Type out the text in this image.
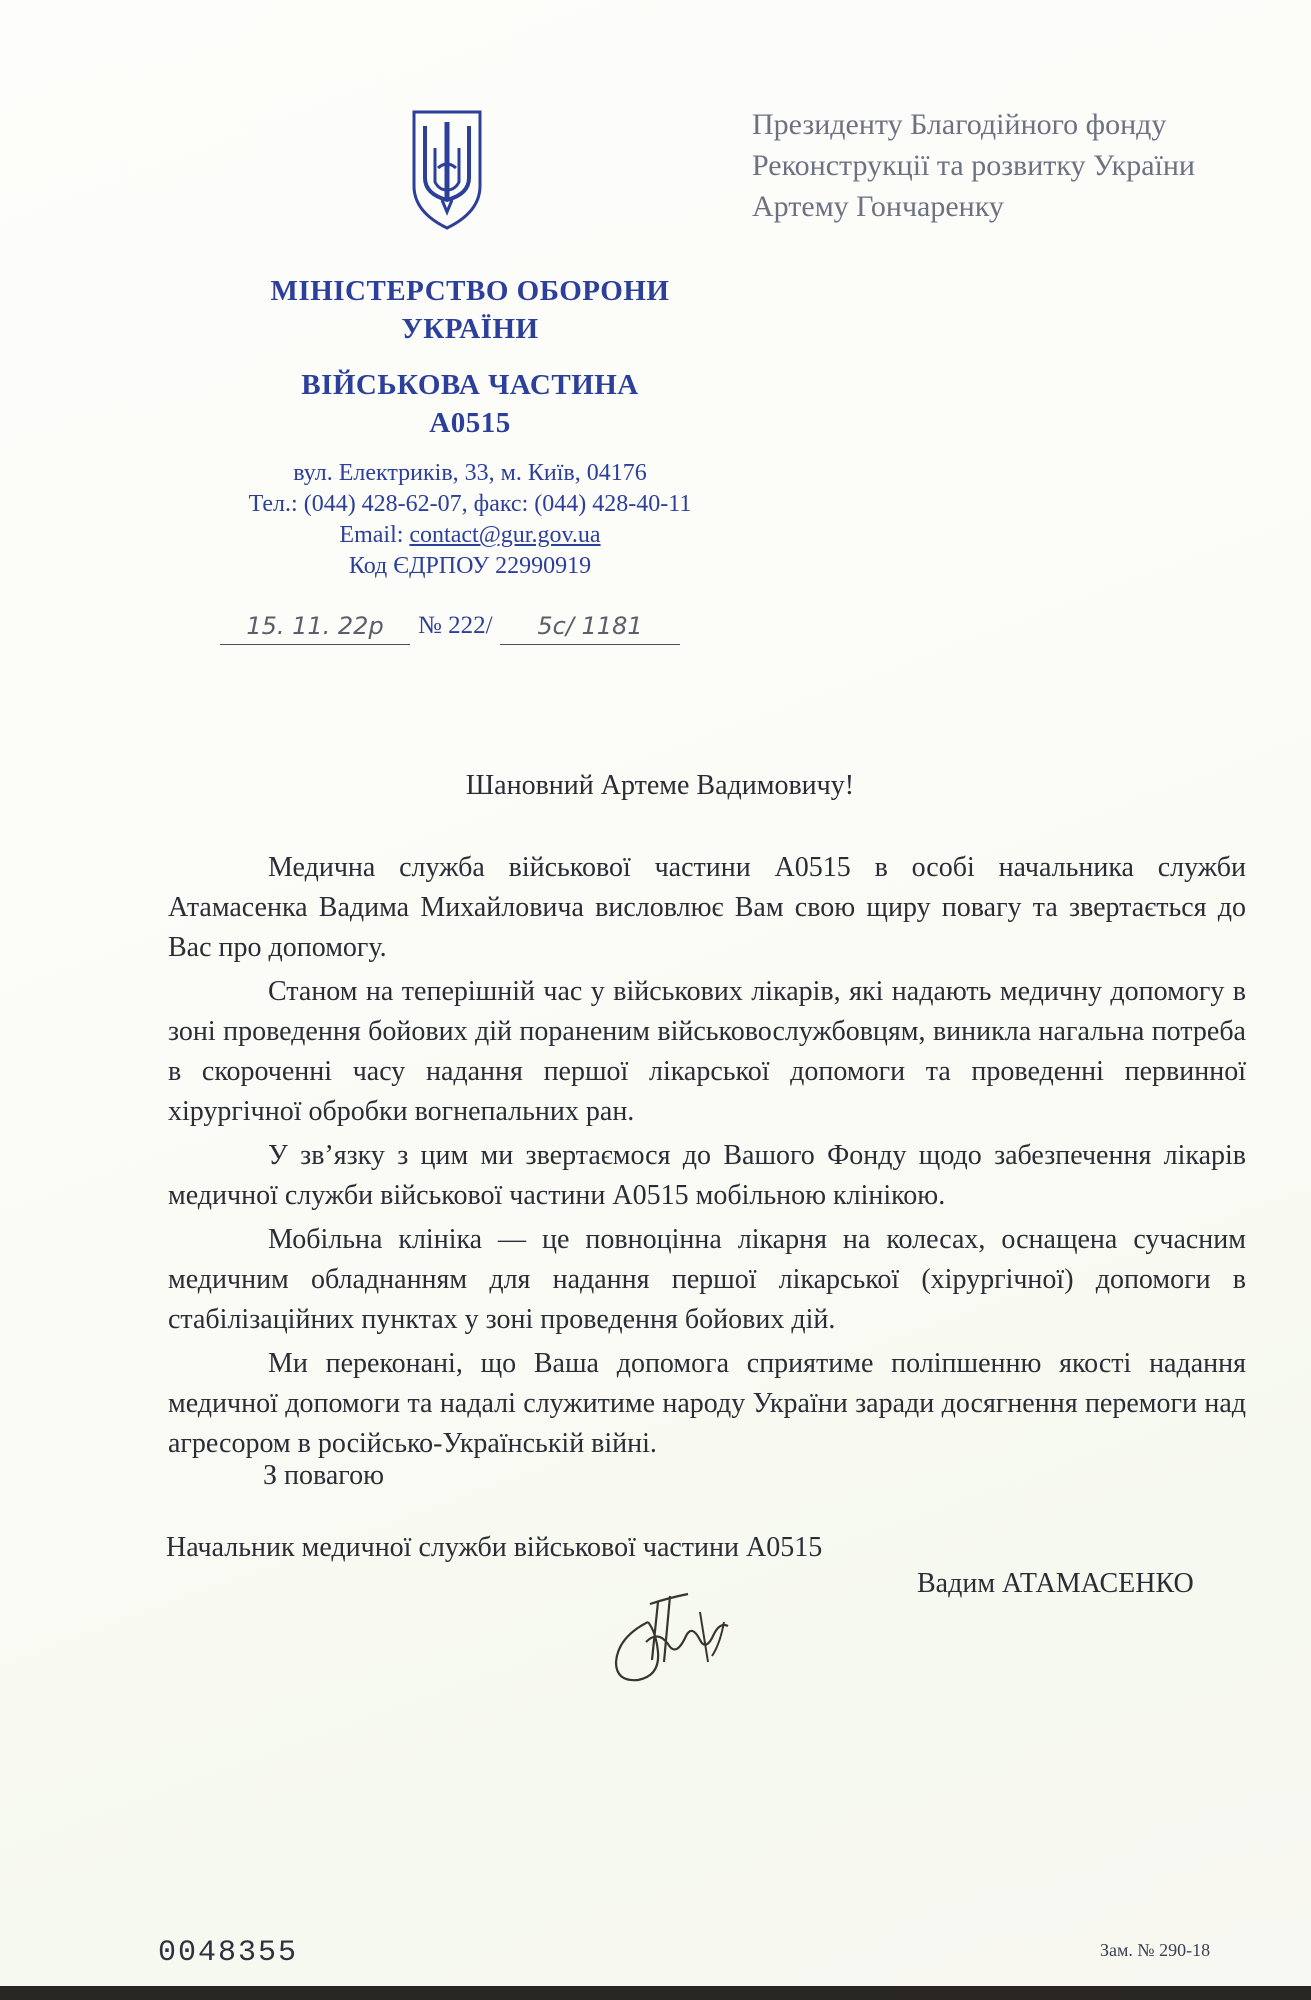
МІНІСТЕРСТВО ОБОРОНИ
УКРАЇНИ
ВІЙСЬКОВА ЧАСТИНА
А0515
вул. Електриків, 33, м. Київ, 04176
Тел.: (044) 428-62-07, факс: (044) 428-40-11
Email: contact@gur.gov.ua
Код ЄДРПОУ 22990919
15. 11. 22р	№ 222/	5с/ 1181
Президенту Благодійного фонду
Реконструкції та розвитку України
Артему Гончаренку
Шановний Артеме Вадимовичу!

Медична служба військової частини А0515 в особі начальника служби Атамасенка Вадима Михайловича висловлює Вам свою щиру повагу та звертається до Вас про допомогу.

Станом на теперішній час у військових лікарів, які надають медичну допомогу в зоні проведення бойових дій пораненим військовослужбовцям, виникла нагальна потреба в скороченні часу надання першої лікарської допомоги та проведенні первинної хірургічної обробки вогнепальних ран.

У зв’язку з цим ми звертаємося до Вашого Фонду щодо забезпечення лікарів медичної служби військової частини А0515 мобільною клінікою.

Мобільна клініка — це повноцінна лікарня на колесах, оснащена сучасним медичним обладнанням для надання першої лікарської (хірургічної) допомоги в стабілізаційних пунктах у зоні проведення бойових дій.

Ми переконані, що Ваша допомога сприятиме поліпшенню якості надання медичної допомоги та надалі служитиме народу України заради досягнення перемоги над агресором в російсько-Українській війні.

З повагою
Начальник медичної служби військової частини А0515
Вадим АТАМАСЕНКО
Зам. № 290-18
0048355
